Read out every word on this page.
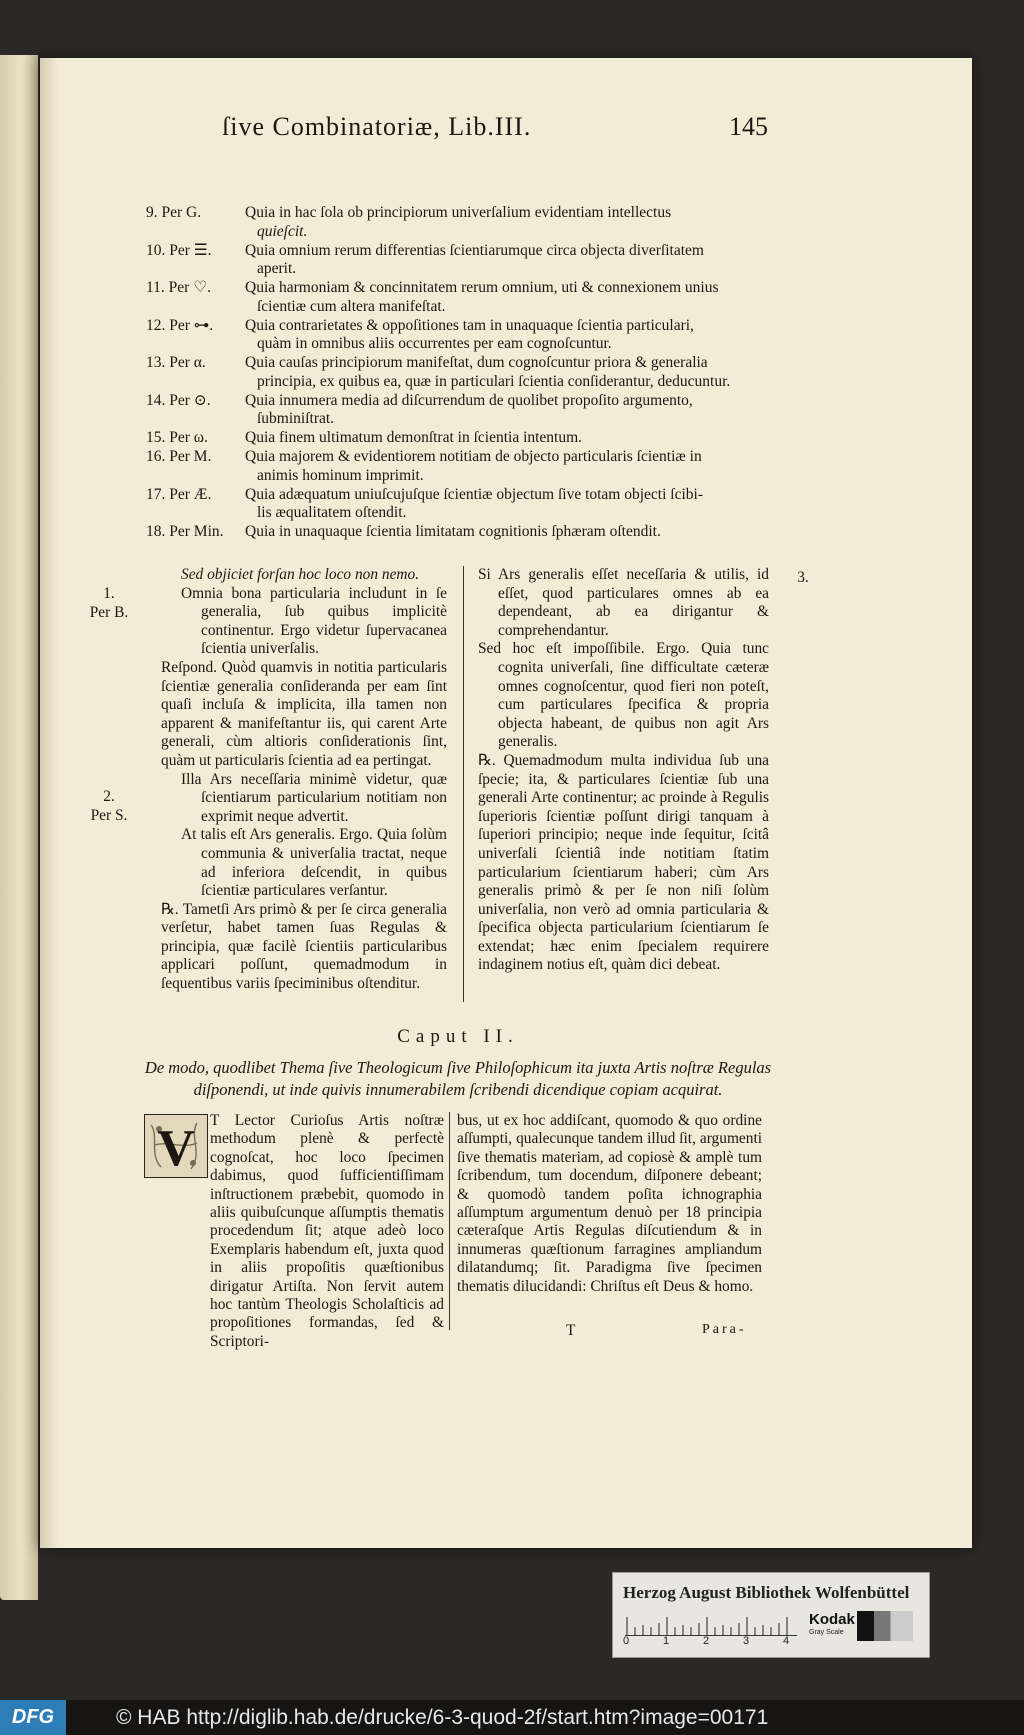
ſive Combinatoriæ, Lib.III.	145
9. Per G.	Quia in hac ſola ob principiorum univerſalium evidentiam intellectus
quieſcit.
10. Per ☰. Quia omnium rerum differentias ſcientiarumque circa objecta diverſitatem
aperit.
11. Per ♡. Quia harmoniam & concinnitatem rerum omnium, uti & connexionem unius
ſcientiæ cum altera manifeſtat.
12. Per ⊶. Quia contrarietates & oppoſitiones tam in unaquaque ſcientia particulari,
quàm in omnibus aliis occurrentes per eam cognoſcuntur.
13. Per α.	Quia cauſas principiorum manifeſtat, dum cognoſcuntur priora & generalia
principia, ex quibus ea, quæ in particulari ſcientia conſiderantur, deducuntur.
14. Per ⊙. Quia innumera media ad diſcurrendum de quolibet propoſito argumento,
ſubminiſtrat.
15. Per ω. Quia finem ultimatum demonſtrat in ſcientia intentum.
16. Per M. Quia majorem & evidentiorem notitiam de objecto particularis ſcientiæ in
animis hominum imprimit.
17. Per Æ. Quia adæquatum uniuſcujuſque ſcientiæ objectum ſive totam objecti ſcibi-
lis æqualitatem oſtendit.
18. Per Min. Quia in unaquaque ſcientia limitatam cognitionis ſphæram oſtendit.
1.
Per B.
2.
Per S.
3.

Sed objiciet forſan hoc loco non nemo.

Omnia bona particularia includunt in ſe generalia, ſub quibus implicitè continentur. Ergo videtur ſupervacanea ſcientia univerſalis.

Reſpond. Quòd quamvis in notitia particularis ſcientiæ generalia conſideranda per eam ſint quaſi incluſa & implicita, illa tamen non apparent & manifeſtantur iis, qui carent Arte generali, cùm altioris conſiderationis ſint, quàm ut particularis ſcientia ad ea pertingat.

Illa Ars neceſſaria minimè videtur, quæ ſcientiarum particularium notitiam non exprimit neque advertit.

At talis eſt Ars generalis. Ergo. Quia ſolùm communia & univerſalia tractat, neque ad inferiora deſcendit, in quibus ſcientiæ particulares verſantur.

℞. Tametſi Ars primò & per ſe circa generalia verſetur, habet tamen ſuas Regulas & principia, quæ facilè ſcientiis particularibus applicari poſſunt, quemadmodum in ſequentibus variis ſpeciminibus oſtenditur.

Si Ars generalis eſſet neceſſaria & utilis, id eſſet, quod particulares omnes ab ea dependeant, ab ea dirigantur & comprehendantur.

Sed hoc eſt impoſſibile. Ergo. Quia tunc cognita univerſali, ſine difficultate cæteræ omnes cognoſcentur, quod fieri non poteſt, cum particulares ſpecifica & propria objecta habeant, de quibus non agit Ars generalis.

℞. Quemadmodum multa individua ſub una ſpecie; ita, & particulares ſcientiæ ſub una generali Arte continentur; ac proinde à Regulis ſuperioris ſcientiæ poſſunt dirigi tanquam à ſuperiori principio; neque inde ſequitur, ſcitâ univerſali ſcientiâ inde notitiam ſtatim particularium ſcientiarum haberi; cùm Ars generalis primò & per ſe non niſi ſolùm univerſalia, non verò ad omnia particularia & ſpecifica objecta particularium ſcientiarum ſe extendat; hæc enim ſpecialem requirere indaginem notius eſt, quàm dici debeat.

Caput II.
De modo, quodlibet Thema ſive Theologicum ſive Philoſophicum ita juxta Artis noſtræ Regulas diſponendi, ut inde quivis innumerabilem ſcribendi dicendique copiam acquirat.
V T Lector Curioſus Artis noſtræ methodum plenè & perfectè cognoſcat, hoc loco ſpecimen dabimus, quod ſufficientiſſimam inſtructionem præbebit, quomodo in aliis quibuſcunque aſſumptis thematis procedendum ſit; atque adeò loco Exemplaris habendum eſt, juxta quod in aliis propoſitis quæſtionibus dirigatur Artiſta. Non ſervit autem hoc tantùm Theologis Scholaſticis ad propoſitiones formandas, ſed & Scriptori-
bus, ut ex hoc addiſcant, quomodo & quo ordine aſſumpti, qualecunque tandem illud ſit, argumenti ſive thematis materiam, ad copiosè & amplè tum ſcribendum, tum docendum, diſponere debeant; & quomodò tandem poſita ichnographia aſſumptum argumentum denuò per 18 principia cæteraſque Artis Regulas diſcutiendum & in innumeras quæſtionum farragines ampliandum dilatandumq; ſit. Paradigma ſive ſpecimen thematis dilucidandi: Chriſtus eſt Deus & homo.
T	Para-
Herzog August Bibliothek Wolfenbüttel
0	1	2	3	4
Kodak
Gray Scale
DFG	© HAB http://diglib.hab.de/drucke/6-3-quod-2f/start.htm?image=00171
